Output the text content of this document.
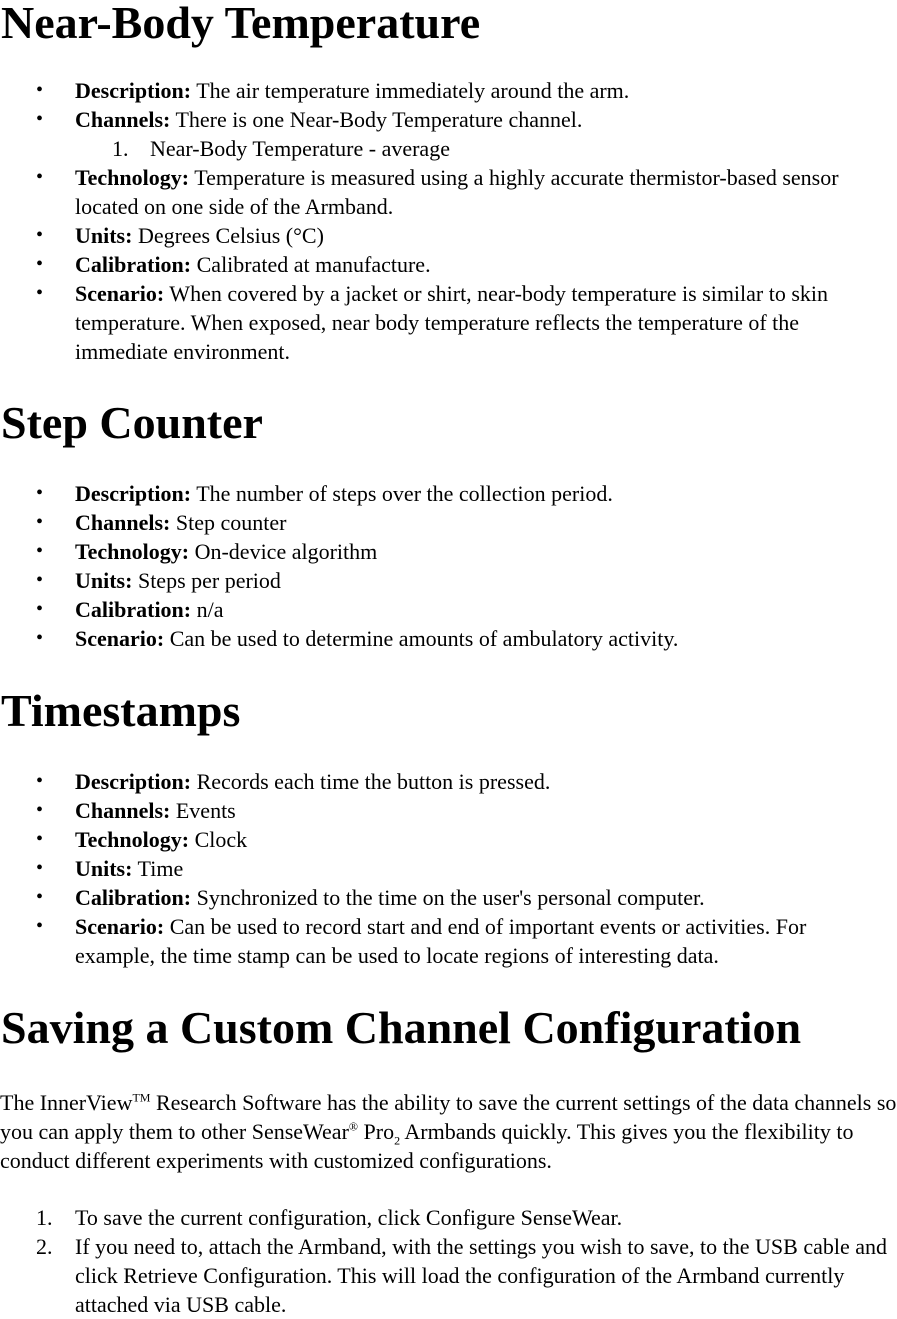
Near-Body Temperature
• Description: The air temperature immediately around the arm.
• Channels: There is one Near-Body Temperature channel.
1. Near-Body Temperature - average
• Technology: Temperature is measured using a highly accurate thermistor-based sensor located on one side of the Armband.
• Units: Degrees Celsius (°C)
• Calibration: Calibrated at manufacture.
• Scenario: When covered by a jacket or shirt, near-body temperature is similar to skin temperature. When exposed, near body temperature reflects the temperature of the immediate environment.
Step Counter
• Description: The number of steps over the collection period.
• Channels: Step counter
• Technology: On-device algorithm
• Units: Steps per period
• Calibration: n/a
• Scenario: Can be used to determine amounts of ambulatory activity.
Timestamps
• Description: Records each time the button is pressed.
• Channels: Events
• Technology: Clock
• Units: Time
• Calibration: Synchronized to the time on the user's personal computer.
• Scenario: Can be used to record start and end of important events or activities. For example, the time stamp can be used to locate regions of interesting data.
Saving a Custom Channel Configuration

The InnerView™ Research Software has the ability to save the current settings of the data channels so you can apply them to other SenseWear® Pro$_2$ Armbands quickly. This gives you the flexibility to conduct different experiments with customized configurations.

1. To save the current configuration, click Configure SenseWear.
2. If you need to, attach the Armband, with the settings you wish to save, to the USB cable and click Retrieve Configuration. This will load the configuration of the Armband currently attached via USB cable.
